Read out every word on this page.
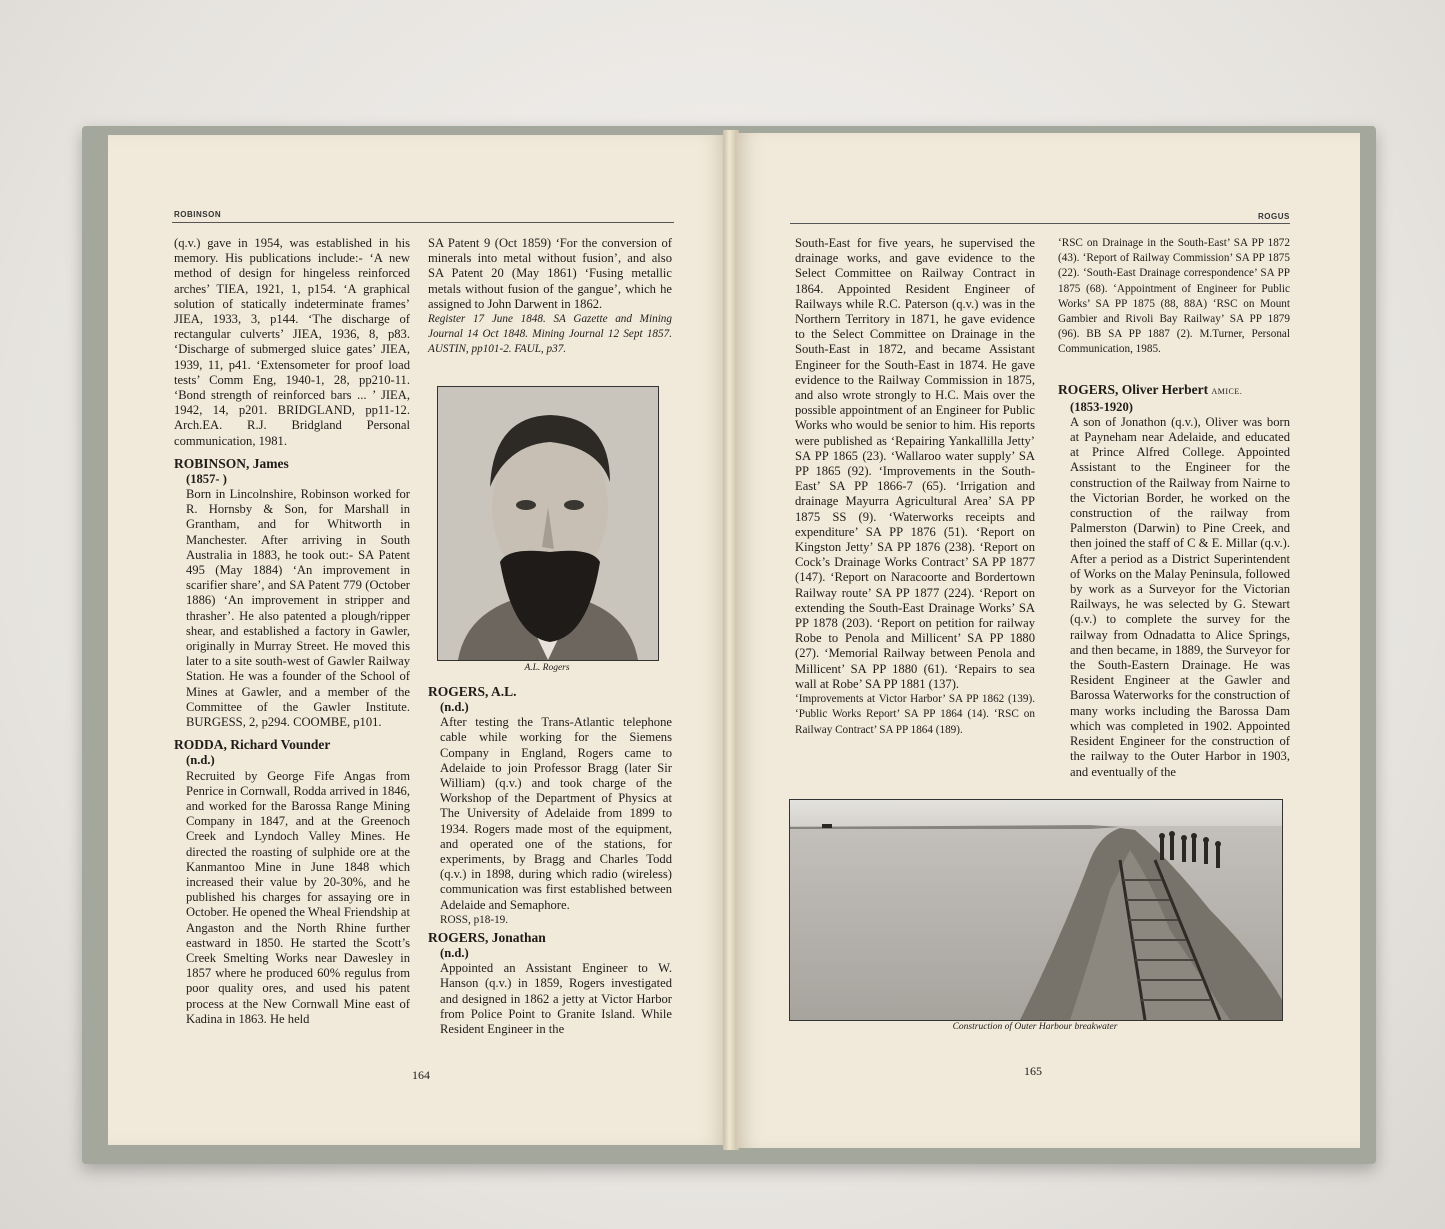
ROBINSON

(q.v.) gave in 1954, was established in his memory. His publications include:- ‘A new method of design for hingeless reinforced arches’ TIEA, 1921, 1, p154. ‘A graphical solution of statically indeterminate frames’ JIEA, 1933, 3, p144. ‘The discharge of rectangular culverts’ JIEA, 1936, 8, p83. ‘Discharge of submerged sluice gates’ JIEA, 1939, 11, p41. ‘Extensometer for proof load tests’ Comm Eng, 1940-1, 28, pp210-11. ‘Bond strength of reinforced bars ... ’ JIEA, 1942, 14, p201. BRIDGLAND, pp11-12. Arch.EA. R.J. Bridgland Personal communication, 1981.

ROBINSON, James
(1857- )

Born in Lincolnshire, Robinson worked for R. Hornsby & Son, for Marshall in Grantham, and for Whitworth in Manchester. After arriving in South Australia in 1883, he took out:- SA Patent 495 (May 1884) ‘An improvement in scarifier share’, and SA Patent 779 (October 1886) ‘An improvement in stripper and thrasher’. He also patented a plough/ripper shear, and established a factory in Gawler, originally in Murray Street. He moved this later to a site south-west of Gawler Railway Station. He was a founder of the School of Mines at Gawler, and a member of the Committee of the Gawler Institute. BURGESS, 2, p294. COOMBE, p101.

RODDA, Richard Vounder
(n.d.)

Recruited by George Fife Angas from Penrice in Cornwall, Rodda arrived in 1846, and worked for the Barossa Range Mining Company in 1847, and at the Greenoch Creek and Lyndoch Valley Mines. He directed the roasting of sulphide ore at the Kanmantoo Mine in June 1848 which increased their value by 20-30%, and he published his charges for assaying ore in October. He opened the Wheal Friendship at Angaston and the North Rhine further eastward in 1850. He started the Scott’s Creek Smelting Works near Dawesley in 1857 where he produced 60% regulus from poor quality ores, and used his patent process at the New Cornwall Mine east of Kadina in 1863. He held

SA Patent 9 (Oct 1859) ‘For the conversion of minerals into metal without fusion’, and also SA Patent 20 (May 1861) ‘Fusing metallic metals without fusion of the gangue’, which he assigned to John Darwent in 1862.

Register 17 June 1848. SA Gazette and Mining Journal 14 Oct 1848. Mining Journal 12 Sept 1857. AUSTIN, pp101-2. FAUL, p37.

A.L. Rogers
ROGERS, A.L.
(n.d.)

After testing the Trans-Atlantic telephone cable while working for the Siemens Company in England, Rogers came to Adelaide to join Professor Bragg (later Sir William) (q.v.) and took charge of the Workshop of the Department of Physics at The University of Adelaide from 1899 to 1934. Rogers made most of the equipment, and operated one of the stations, for experiments, by Bragg and Charles Todd (q.v.) in 1898, during which radio (wireless) communication was first established between Adelaide and Semaphore.

ROSS, p18-19.

ROGERS, Jonathan
(n.d.)

Appointed an Assistant Engineer to W. Hanson (q.v.) in 1859, Rogers investigated and designed in 1862 a jetty at Victor Harbor from Police Point to Granite Island. While Resident Engineer in the

164
ROGUS

South-East for five years, he supervised the drainage works, and gave evidence to the Select Committee on Railway Contract in 1864. Appointed Resident Engineer of Railways while R.C. Paterson (q.v.) was in the Northern Territory in 1871, he gave evidence to the Select Committee on Drainage in the South-East in 1872, and became Assistant Engineer for the South-East in 1874. He gave evidence to the Railway Commission in 1875, and also wrote strongly to H.C. Mais over the possible appointment of an Engineer for Public Works who would be senior to him. His reports were published as ‘Repairing Yankallilla Jetty’ SA PP 1865 (23). ‘Wallaroo water supply’ SA PP 1865 (92). ‘Improvements in the South-East’ SA PP 1866-7 (65). ‘Irrigation and drainage Mayurra Agricultural Area’ SA PP 1875 SS (9). ‘Waterworks receipts and expenditure’ SA PP 1876 (51). ‘Report on Kingston Jetty’ SA PP 1876 (238). ‘Report on Cock’s Drainage Works Contract’ SA PP 1877 (147). ‘Report on Naracoorte and Bordertown Railway route’ SA PP 1877 (224). ‘Report on extending the South-East Drainage Works’ SA PP 1878 (203). ‘Report on petition for railway Robe to Penola and Millicent’ SA PP 1880 (27). ‘Memorial Railway between Penola and Millicent’ SA PP 1880 (61). ‘Repairs to sea wall at Robe’ SA PP 1881 (137).

‘Improvements at Victor Harbor’ SA PP 1862 (139). ‘Public Works Report’ SA PP 1864 (14). ‘RSC on Railway Contract’ SA PP 1864 (189).

‘RSC on Drainage in the South-East’ SA PP 1872 (43). ‘Report of Railway Commission’ SA PP 1875 (22). ‘South-East Drainage correspondence’ SA PP 1875 (68). ‘Appointment of Engineer for Public Works’ SA PP 1875 (88, 88A) ‘RSC on Mount Gambier and Rivoli Bay Railway’ SA PP 1879 (96). BB SA PP 1887 (2). M.Turner, Personal Communication, 1985.

ROGERS, Oliver Herbert AMICE.
(1853-1920)

A son of Jonathon (q.v.), Oliver was born at Payneham near Adelaide, and educated at Prince Alfred College. Appointed Assistant to the Engineer for the construction of the Railway from Nairne to the Victorian Border, he worked on the construction of the railway from Palmerston (Darwin) to Pine Creek, and then joined the staff of C & E. Millar (q.v.). After a period as a District Superintendent of Works on the Malay Peninsula, followed by work as a Surveyor for the Victorian Railways, he was selected by G. Stewart (q.v.) to complete the survey for the railway from Odnadatta to Alice Springs, and then became, in 1889, the Surveyor for the South-Eastern Drainage. He was Resident Engineer at the Gawler and Barossa Waterworks for the construction of many works including the Barossa Dam which was completed in 1902. Appointed Resident Engineer for the construction of the railway to the Outer Harbor in 1903, and eventually of the

Construction of Outer Harbour breakwater
165
